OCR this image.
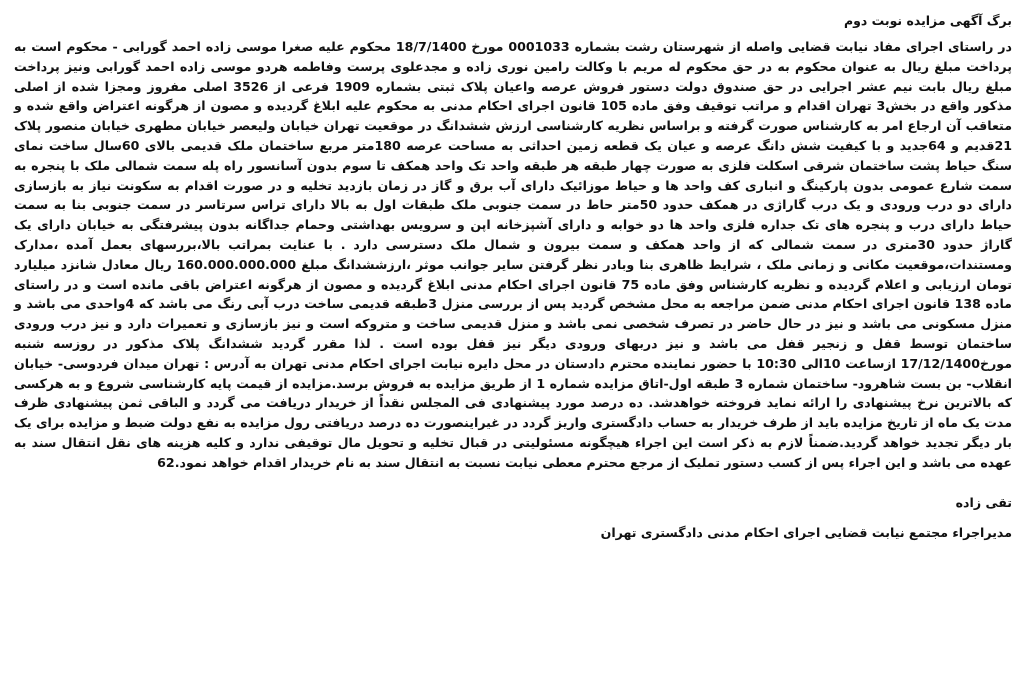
برگ آگهی مزایده نوبت دوم

در راستای اجرای مفاد نیابت قضایی واصله از شهرستان رشت بشماره 0001033 مورخ 18/7/1400 محکوم علیه صغرا موسی زاده احمد گورابی - محکوم است به پرداخت مبلغ ریال به عنوان محکوم به در حق محکوم له مریم با وکالت رامین نوری زاده و مجدعلوی پرست وفاطمه هردو موسی زاده احمد گورابی ونیز پرداخت مبلغ ریال بابت نیم عشر اجرایی در حق صندوق دولت دستور فروش عرصه واعیان پلاک ثبتی بشماره 1909 فرعی از 3526 اصلی مفروز ومجزا شده از اصلی مذکور واقع در بخش3 تهران اقدام و مراتب توقیف وفق ماده 105 قانون اجرای احکام مدنی به محکوم علیه ابلاغ گردیده و مصون از هرگونه اعتراض واقع شده و متعاقب آن ارجاع امر به کارشناس صورت گرفته و براساس نظریه کارشناسی ارزش ششدانگ در موقعیت تهران خیابان ولیعصر خیابان مطهری خیابان منصور پلاک 21قدیم و 64جدید و با کیفیت شش دانگ عرصه و عیان یک قطعه زمین احداثی به مساحت عرصه 180متر مربع ساختمان ملک قدیمی بالای 60سال ساخت نمای سنگ حیاط پشت ساختمان شرقی اسکلت فلزی به صورت چهار طبقه هر طبقه واحد تک واحد همکف تا سوم بدون آسانسور راه پله سمت شمالی ملک با پنجره به سمت شارع عمومی بدون پارکینگ و انباری کف واحد ها و حیاط موزائیک دارای آب برق و گاز در زمان بازدید تخلیه و در صورت اقدام به سکونت نیاز به بازسازی دارای دو درب ورودی و یک درب گاراژی در همکف حدود 50متر حاط در سمت جنوبی ملک طبقات اول به بالا دارای تراس سرتاسر در سمت جنوبی بنا به سمت حیاط دارای درب و پنجره های تک جداره فلزی واحد ها دو خوابه و دارای آشپزخانه اپن و سرویس بهداشتی وحمام جداگانه بدون پیشرفتگی به خیابان دارای یک گاراژ حدود 30متری در سمت شمالی که از واحد همکف و سمت بیرون و شمال ملک دسترسی دارد . با عنایت بمراتب بالا،بررسهای بعمل آمده ،مدارک ومستندات،موقعیت مکانی و زمانی ملک ، شرایط ظاهری بنا وبادر نظر گرفتن سایر جوانب موثر ،ارزششدانگ مبلغ 160.000.000.000 ریال معادل شانزد میلیارد تومان ارزیابی و اعلام گردیده و نظریه کارشناس وفق ماده 75 قانون اجرای احکام مدنی ابلاغ گردیده و مصون از هرگونه اعتراض باقی مانده است و در راستای ماده 138 قانون اجرای احکام مدنی ضمن مراجعه به محل مشخص گردید پس از بررسی منزل 3طبقه قدیمی ساخت درب آبی رنگ می باشد که 4واحدی می باشد و منزل مسکونی می باشد و نیز در حال حاضر در تصرف شخصی نمی باشد و منزل قدیمی ساخت و متروکه است و نیز بازسازی و تعمیرات دارد و نیز درب ورودی ساختمان توسط قفل و زنجیر قفل می باشد و نیز دربهای ورودی دیگر نیز قفل بوده است . لذا مقرر گردید ششدانگ پلاک مذکور در روزسه شنبه مورخ17/12/1400 ازساعت 10الی 10:30 با حضور نماینده محترم دادستان در محل دایره نیابت اجرای احکام مدنی تهران به آدرس : تهران میدان فردوسی- خیابان انقلاب- بن بست شاهرود- ساختمان شماره 3 طبقه اول-اتاق مزایده شماره 1 از طریق مزایده به فروش برسد.مزایده از قیمت پایه کارشناسی شروع و به هرکسی که بالاترین نرخ پیشنهادی را ارائه نماید فروخته خواهدشد. ده درصد مورد پیشنهادی فی المجلس نقداً از خریدار دریافت می گردد و الباقی ثمن پیشنهادی ظرف مدت یک ماه از تاریخ مزایده باید از طرف خریدار به حساب دادگستری واریز گردد در غیراینصورت ده درصد دریافتی رول مزایده به نفع دولت ضبط و مزایده برای یک بار دیگر تجدید خواهد گردید.ضمناً لازم به ذکر است این اجراء هیچگونه مسئولیتی در قبال تخلیه و تحویل مال توقیفی ندارد و کلیه هزینه های نقل انتقال سند به عهده می باشد و این اجراء پس از کسب دستور تملیک از مرجع محترم معطی نیابت نسبت به انتقال سند به نام خریدار اقدام خواهد نمود.62

تقی زاده
مدیراجراء مجتمع نیابت قضایی اجرای احکام مدنی دادگستری تهران
